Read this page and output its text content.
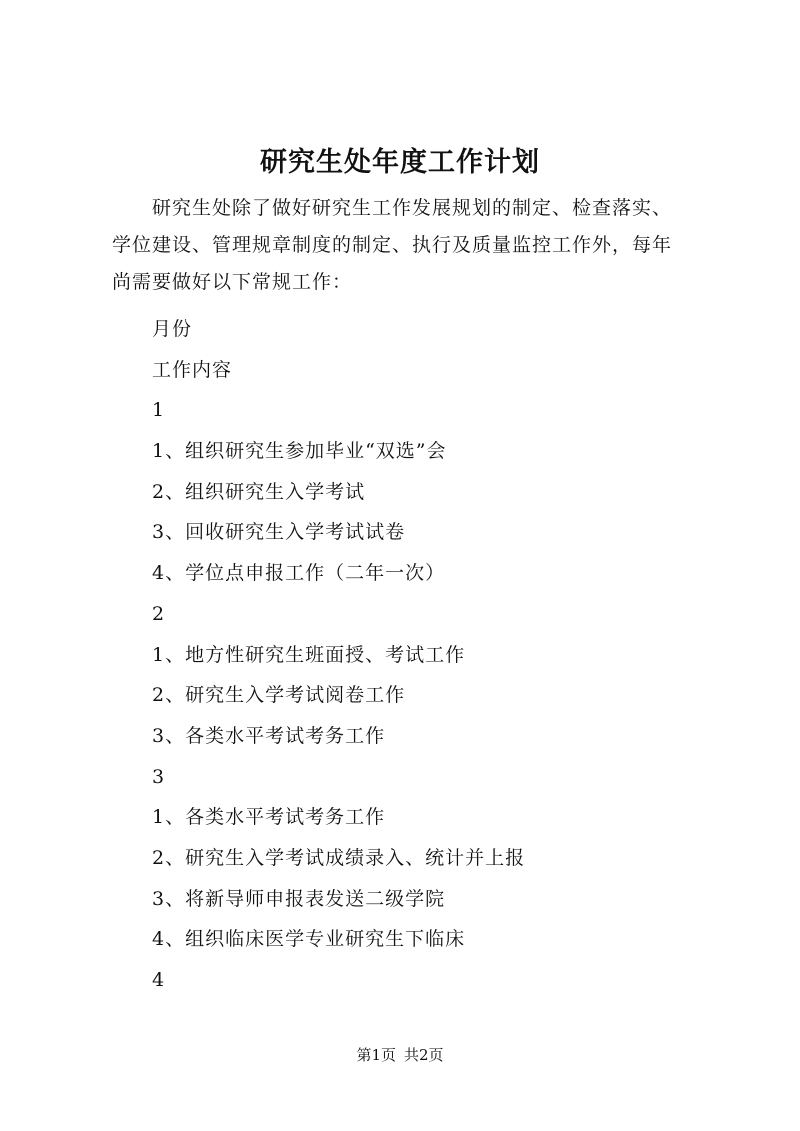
研究生处年度工作计划

研究生处除了做好研究生工作发展规划的制定、检查落实、

学位建设、管理规章制度的制定、执行及质量监控工作外，每年

尚需要做好以下常规工作：

月份
工作内容
1
1、组织研究生参加毕业“双选”会
2、组织研究生入学考试
3、回收研究生入学考试试卷
4、学位点申报工作（二年一次）
2
1、地方性研究生班面授、考试工作
2、研究生入学考试阅卷工作
3、各类水平考试考务工作
3
1、各类水平考试考务工作
2、研究生入学考试成绩录入、统计并上报
3、将新导师申报表发送二级学院
4、组织临床医学专业研究生下临床
4
第1页 共2页
